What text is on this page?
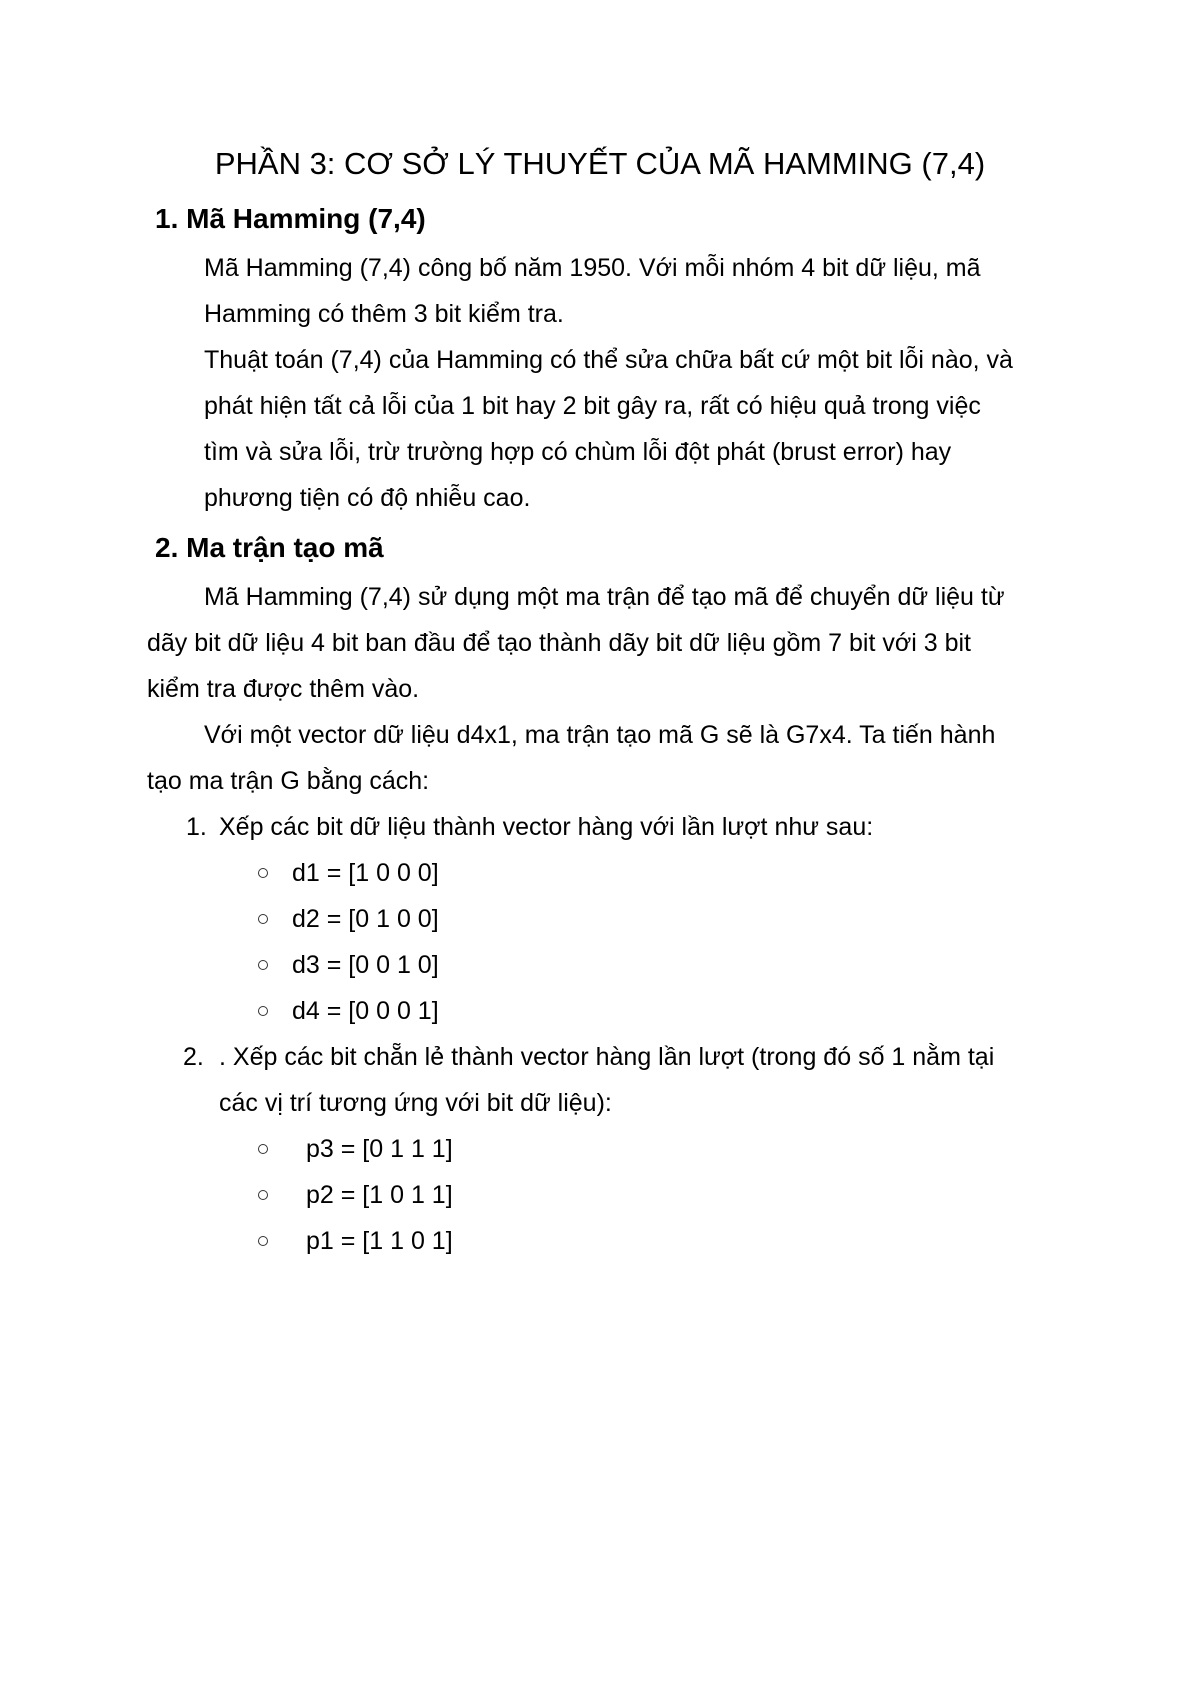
PHẦN 3: CƠ SỞ LÝ THUYẾT CỦA MÃ HAMMING (7,4)
1. Mã Hamming (7,4)

Mã Hamming (7,4) công bố năm 1950. Với mỗi nhóm 4 bit dữ liệu, mã

Hamming có thêm 3 bit kiểm tra.

Thuật toán (7,4) của Hamming có thể sửa chữa bất cứ một bit lỗi nào, và

phát hiện tất cả lỗi của 1 bit hay 2 bit gây ra, rất có hiệu quả trong việc

tìm và sửa lỗi, trừ trường hợp có chùm lỗi đột phát (brust error) hay

phương tiện có độ nhiễu cao.

2. Ma trận tạo mã

Mã Hamming (7,4) sử dụng một ma trận để tạo mã để chuyển dữ liệu từ

dãy bit dữ liệu 4 bit ban đầu để tạo thành dãy bit dữ liệu gồm 7 bit với 3 bit

kiểm tra được thêm vào.

Với một vector dữ liệu d4x1, ma trận tạo mã G sẽ là G7x4. Ta tiến hành

tạo ma trận G bằng cách:

1. Xếp các bit dữ liệu thành vector hàng với lần lượt như sau:

d1 = [1 0 0 0]

d2 = [0 1 0 0]

d3 = [0 0 1 0]

d4 = [0 0 0 1]

2. . Xếp các bit chẵn lẻ thành vector hàng lần lượt (trong đó số 1 nằm tại

các vị trí tương ứng với bit dữ liệu):

p3 = [0 1 1 1]

p2 = [1 0 1 1]

p1 = [1 1 0 1]
